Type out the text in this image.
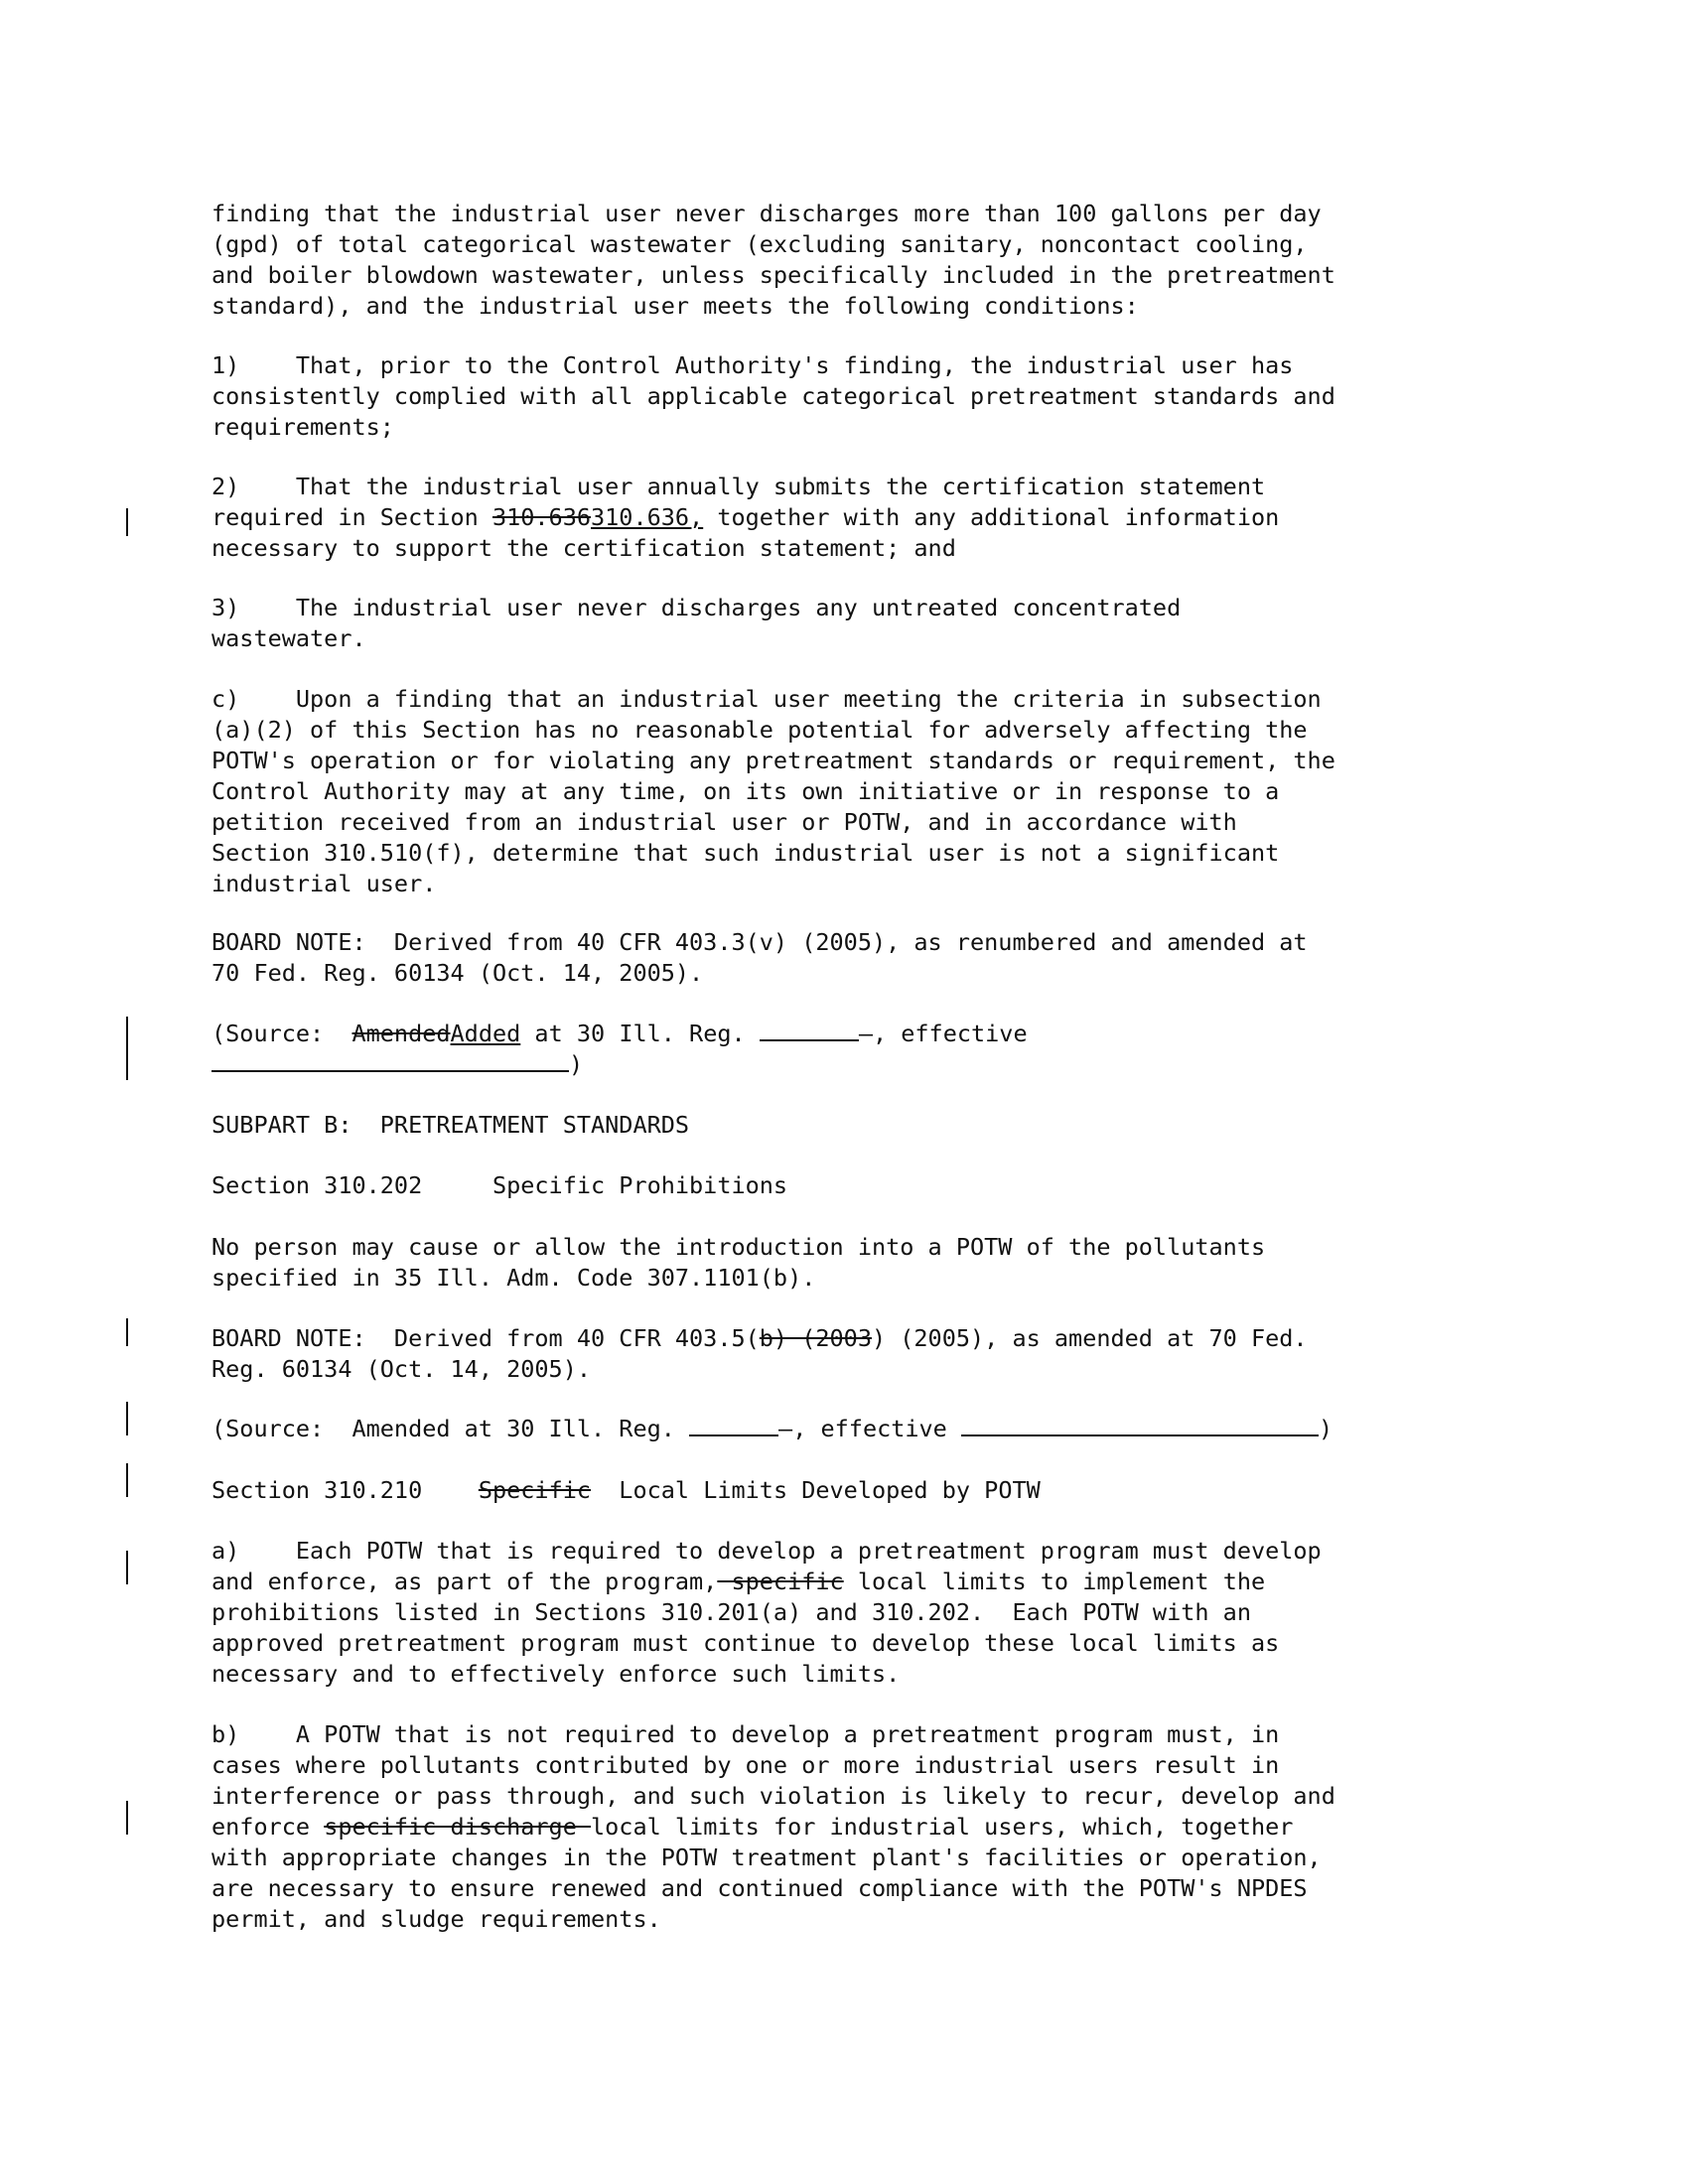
finding that the industrial user never discharges more than 100 gallons per day
(gpd) of total categorical wastewater (excluding sanitary, noncontact cooling,
and boiler blowdown wastewater, unless specifically included in the pretreatment
standard), and the industrial user meets the following conditions:

1)    That, prior to the Control Authority's finding, the industrial user has
consistently complied with all applicable categorical pretreatment standards and
requirements;

2)    That the industrial user annually submits the certification statement
required in Section 310.636310.636, together with any additional information
necessary to support the certification statement; and

3)    The industrial user never discharges any untreated concentrated
wastewater.

c)    Upon a finding that an industrial user meeting the criteria in subsection
(a)(2) of this Section has no reasonable potential for adversely affecting the
POTW's operation or for violating any pretreatment standards or requirement, the
Control Authority may at any time, on its own initiative or in response to a
petition received from an industrial user or POTW, and in accordance with
Section 310.510(f), determine that such industrial user is not a significant
industrial user.

BOARD NOTE:  Derived from 40 CFR 403.3(v) (2005), as renumbered and amended at
70 Fed. Reg. 60134 (Oct. 14, 2005).

(Source:  AmendedAdded at 30 Ill. Reg.	—, effective
)

SUBPART B:  PRETREATMENT STANDARDS

Section 310.202     Specific Prohibitions

No person may cause or allow the introduction into a POTW of the pollutants
specified in 35 Ill. Adm. Code 307.1101(b).

BOARD NOTE:  Derived from 40 CFR 403.5(b) (2003) (2005), as amended at 70 Fed.
Reg. 60134 (Oct. 14, 2005).

(Source:  Amended at 30 Ill. Reg.	—, effective	)

Section 310.210    Specific  Local Limits Developed by POTW

a)    Each POTW that is required to develop a pretreatment program must develop
and enforce, as part of the program, specific local limits to implement the
prohibitions listed in Sections 310.201(a) and 310.202.  Each POTW with an
approved pretreatment program must continue to develop these local limits as
necessary and to effectively enforce such limits.

b)    A POTW that is not required to develop a pretreatment program must, in
cases where pollutants contributed by one or more industrial users result in
interference or pass through, and such violation is likely to recur, develop and
enforce specific discharge local limits for industrial users, which, together
with appropriate changes in the POTW treatment plant's facilities or operation,
are necessary to ensure renewed and continued compliance with the POTW's NPDES
permit, and sludge requirements.
